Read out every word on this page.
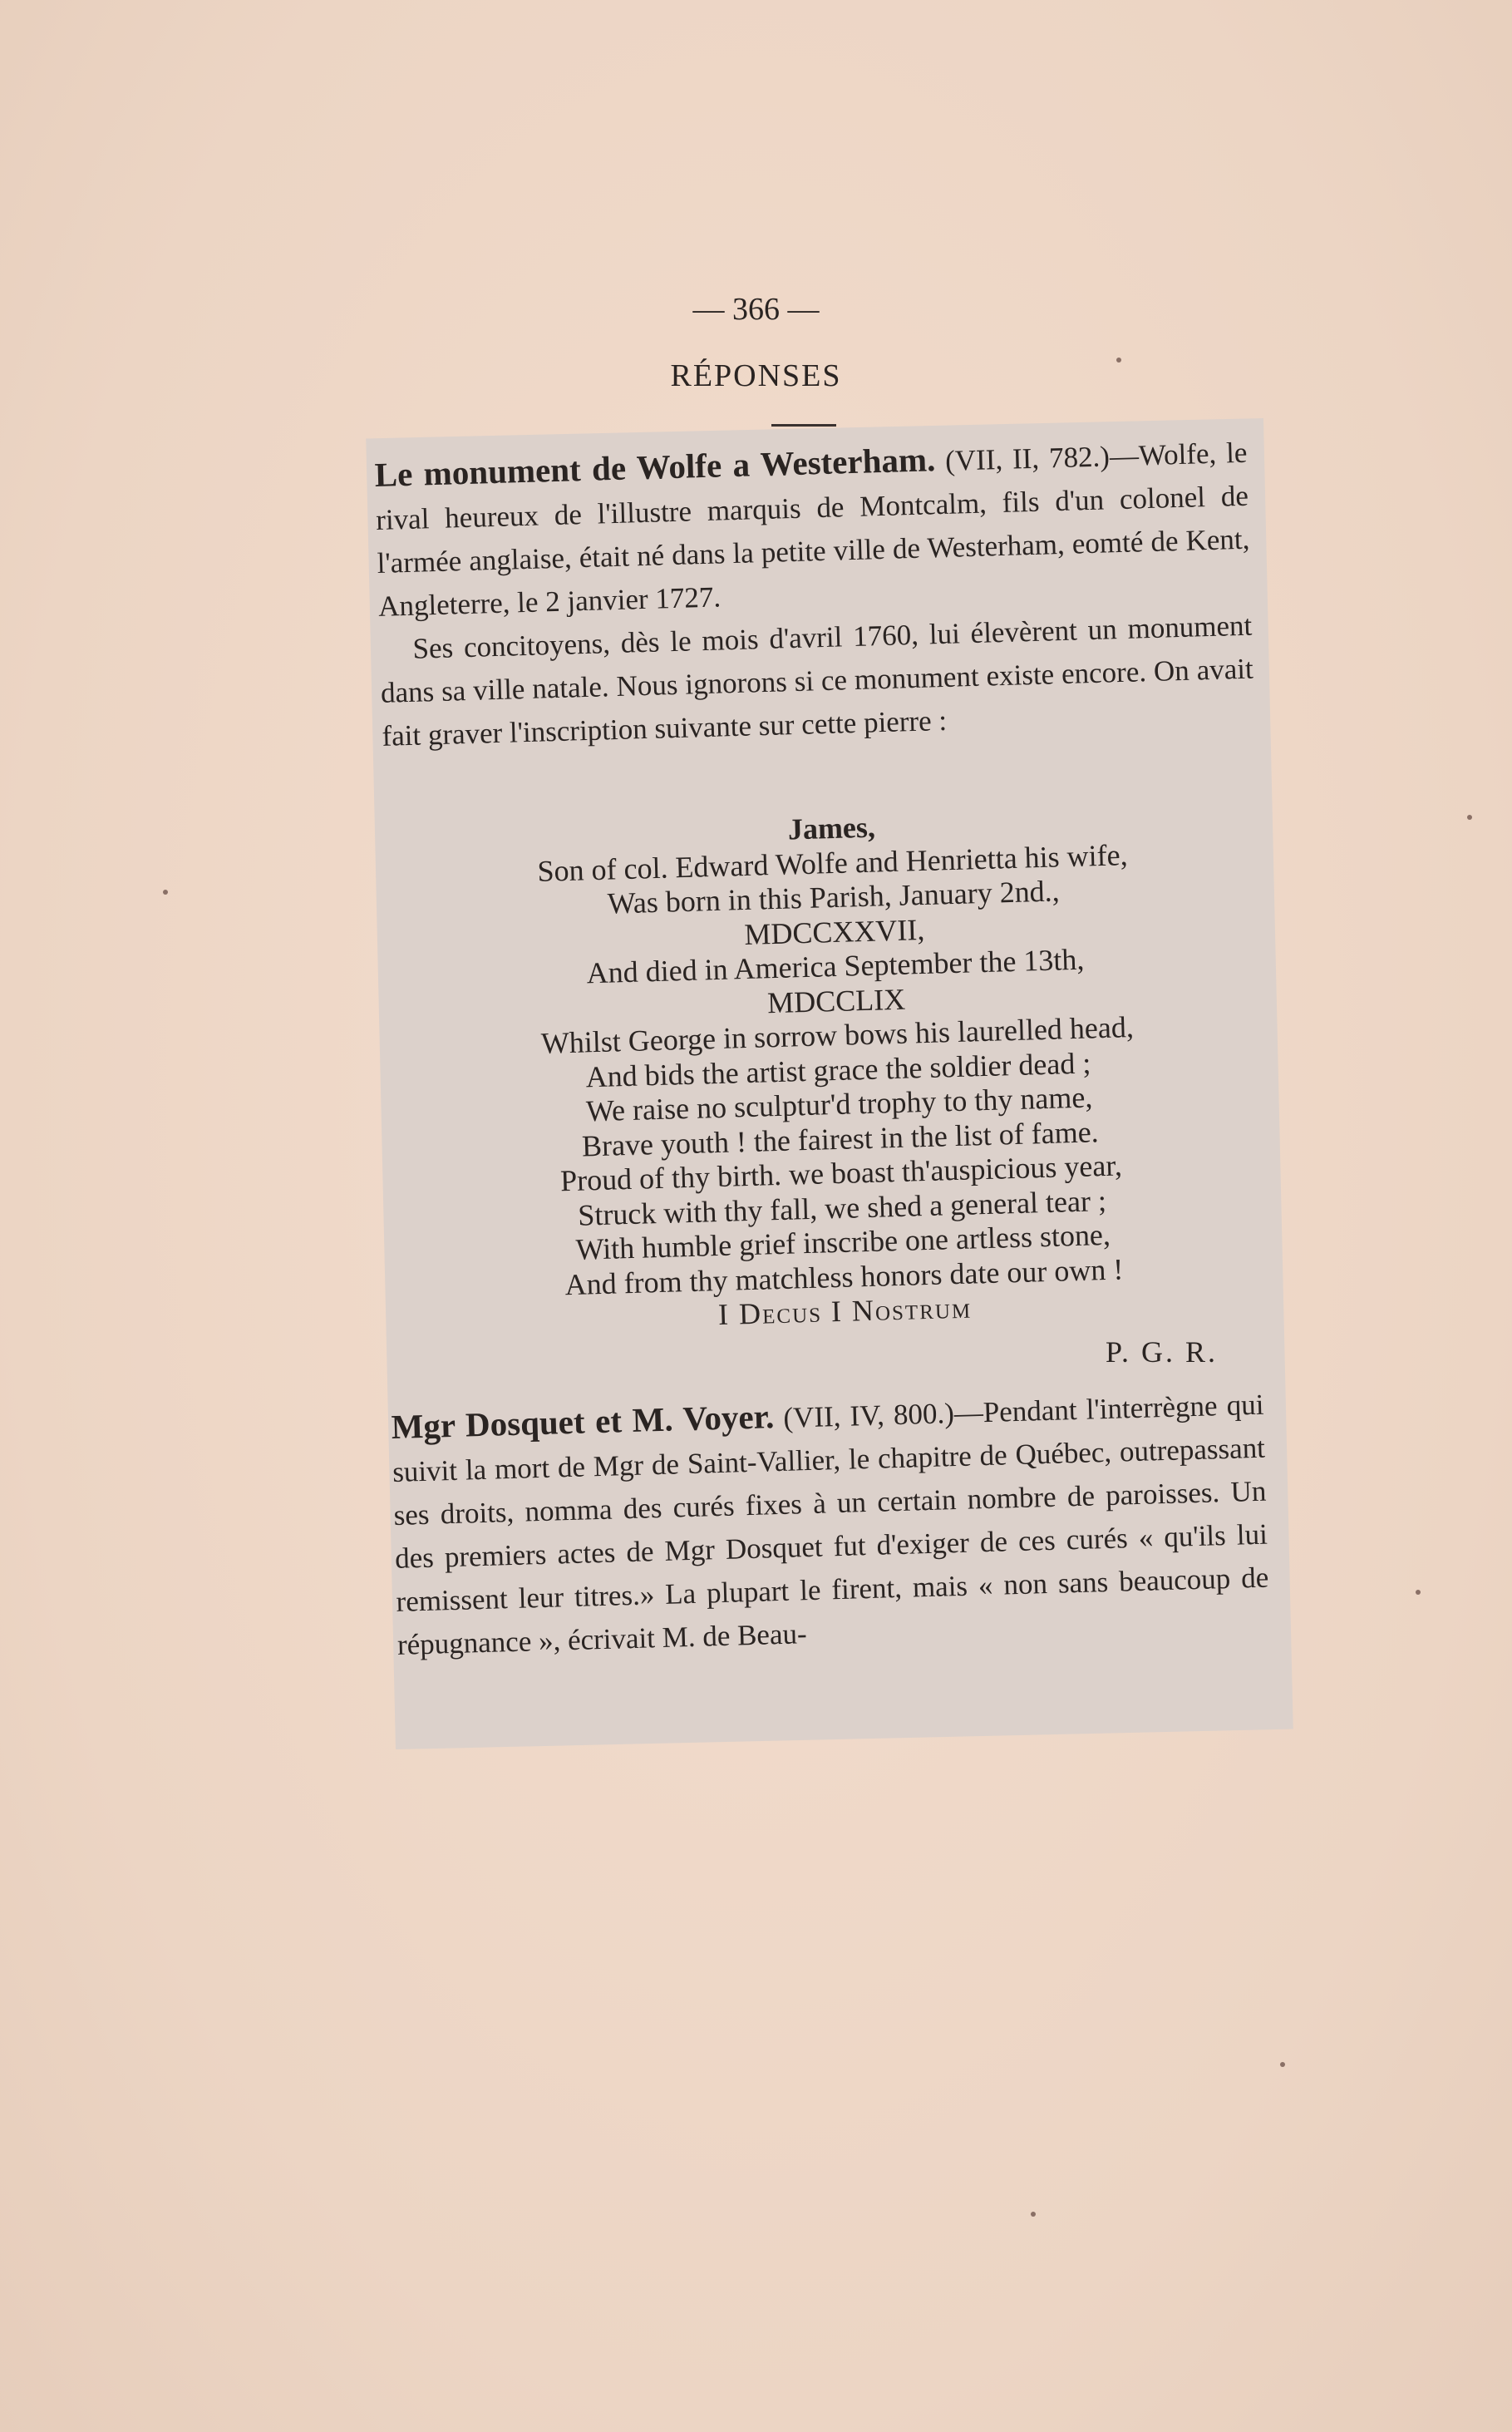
— 366 —
RÉPONSES

Le monument de Wolfe a Westerham. (VII, II, 782.)—Wolfe, le rival heureux de l'illustre marquis de Montcalm, fils d'un colonel de l'armée anglaise, était né dans la petite ville de Westerham, eomté de Kent, Angleterre, le 2 janvier 1727.

Ses concitoyens, dès le mois d'avril 1760, lui élevèrent un monument dans sa ville natale. Nous ignorons si ce monument existe encore. On avait fait graver l'inscription suivante sur cette pierre :

James,
Son of col. Edward Wolfe and Henrietta his wife,
Was born in this Parish, January 2nd.,
MDCCXXVII,
And died in America September the 13th,
MDCCLIX
Whilst George in sorrow bows his laurelled head,
And bids the artist grace the soldier dead ;
We raise no sculptur'd trophy to thy name,
Brave youth ! the fairest in the list of fame.
Proud of thy birth. we boast th'auspicious year,
Struck with thy fall, we shed a general tear ;
With humble grief inscribe one artless stone,
And from thy matchless honors date our own !
I Decus I Nostrum
P. G. R.

Mgr Dosquet et M. Voyer. (VII, IV, 800.)—Pendant l'interrègne qui suivit la mort de Mgr de Saint-Vallier, le chapitre de Québec, outrepassant ses droits, nomma des curés fixes à un certain nombre de paroisses. Un des premiers actes de Mgr Dosquet fut d'exiger de ces curés « qu'ils lui remissent leur titres.» La plupart le firent, mais « non sans beaucoup de répugnance », écrivait M. de Beau-
